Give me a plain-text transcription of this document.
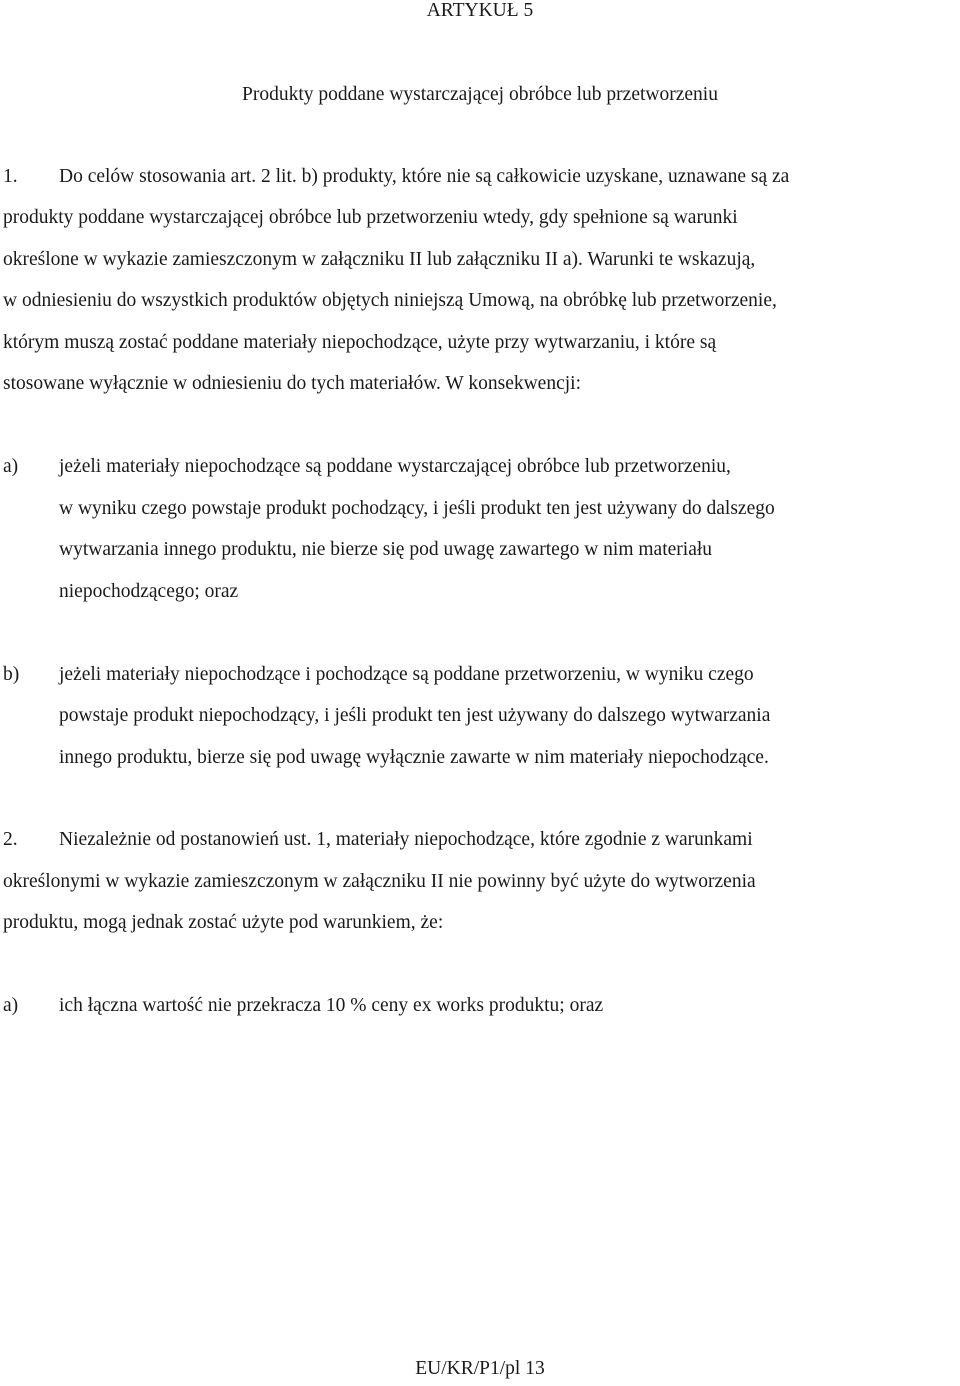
ARTYKUŁ 5
Produkty poddane wystarczającej obróbce lub przetworzeniu
1. Do celów stosowania art. 2 lit. b) produkty, które nie są całkowicie uzyskane, uznawane są za
produkty poddane wystarczającej obróbce lub przetworzeniu wtedy, gdy spełnione są warunki
określone w wykazie zamieszczonym w załączniku II lub załączniku II a). Warunki te wskazują,
w odniesieniu do wszystkich produktów objętych niniejszą Umową, na obróbkę lub przetworzenie,
którym muszą zostać poddane materiały niepochodzące, użyte przy wytwarzaniu, i które są
stosowane wyłącznie w odniesieniu do tych materiałów. W konsekwencji:
a) jeżeli materiały niepochodzące są poddane wystarczającej obróbce lub przetworzeniu,
w wyniku czego powstaje produkt pochodzący, i jeśli produkt ten jest używany do dalszego
wytwarzania innego produktu, nie bierze się pod uwagę zawartego w nim materiału
niepochodzącego; oraz
b) jeżeli materiały niepochodzące i pochodzące są poddane przetworzeniu, w wyniku czego
powstaje produkt niepochodzący, i jeśli produkt ten jest używany do dalszego wytwarzania
innego produktu, bierze się pod uwagę wyłącznie zawarte w nim materiały niepochodzące.
2. Niezależnie od postanowień ust. 1, materiały niepochodzące, które zgodnie z warunkami
określonymi w wykazie zamieszczonym w załączniku II nie powinny być użyte do wytworzenia
produktu, mogą jednak zostać użyte pod warunkiem, że:
a) ich łączna wartość nie przekracza 10 % ceny ex works produktu; oraz
EU/KR/P1/pl 13
